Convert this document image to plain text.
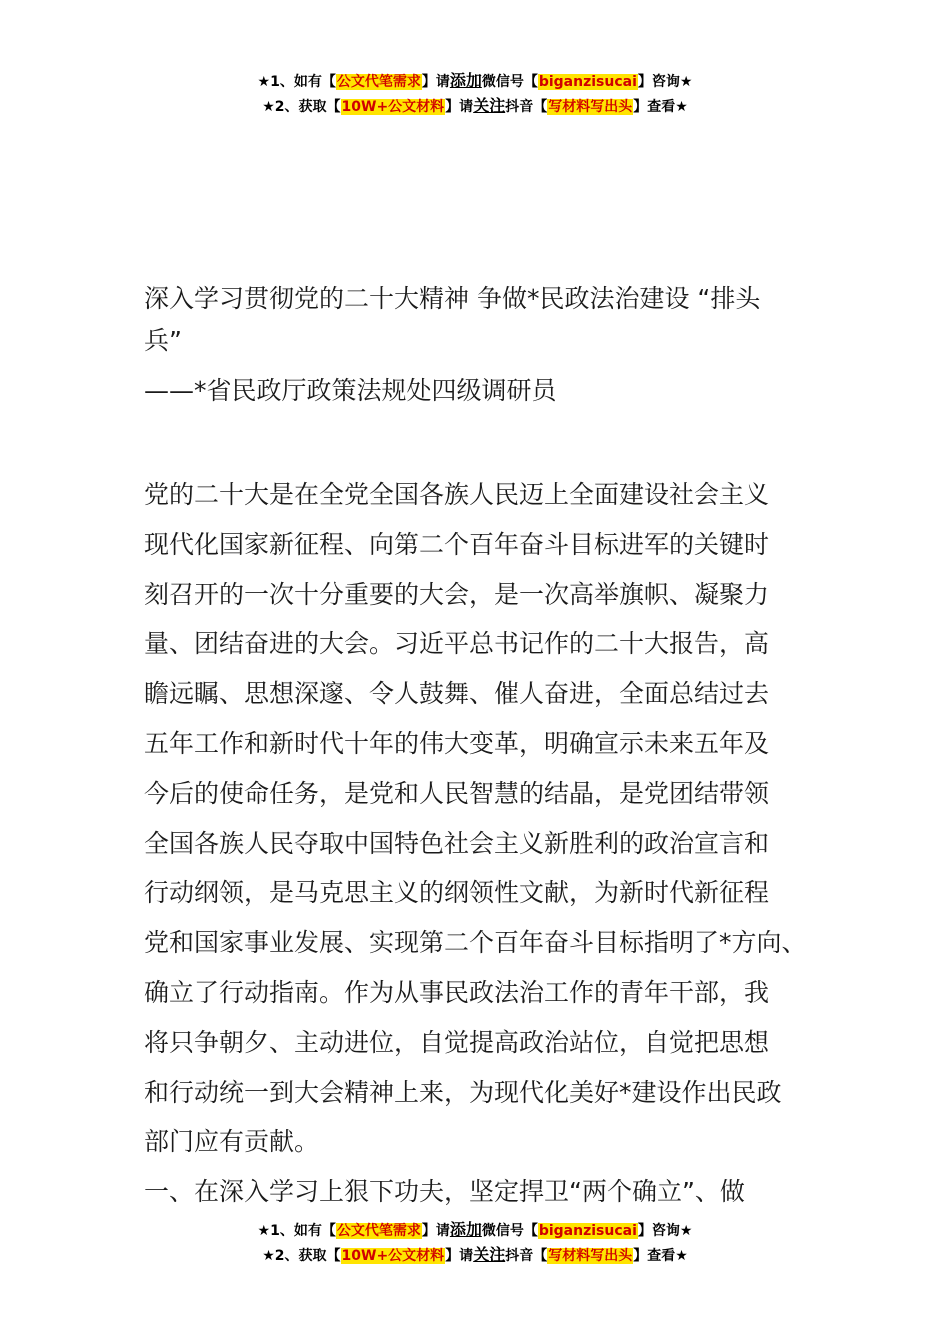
★1、如有【公文代笔需求】请添加微信号【biganzisucai】咨询★
★2、获取【10W+公文材料】请关注抖音【写材料写出头】查看★
深入学习贯彻党的二十大精神 争做*民政法治建设 “排头
兵”
——*省民政厅政策法规处四级调研员
党的二十大是在全党全国各族人民迈上全面建设社会主义
现代化国家新征程、向第二个百年奋斗目标进军的关键时
刻召开的一次十分重要的大会，是一次高举旗帜、凝聚力
量、团结奋进的大会。习近平总书记作的二十大报告，高
瞻远瞩、思想深邃、令人鼓舞、催人奋进，全面总结过去
五年工作和新时代十年的伟大变革，明确宣示未来五年及
今后的使命任务，是党和人民智慧的结晶，是党团结带领
全国各族人民夺取中国特色社会主义新胜利的政治宣言和
行动纲领，是马克思主义的纲领性文献，为新时代新征程
党和国家事业发展、实现第二个百年奋斗目标指明了*方向、
确立了行动指南。作为从事民政法治工作的青年干部，我
将只争朝夕、主动进位，自觉提高政治站位，自觉把思想
和行动统一到大会精神上来，为现代化美好*建设作出民政
部门应有贡献。
一、在深入学习上狠下功夫，坚定捍卫“两个确立”、做
★1、如有【公文代笔需求】请添加微信号【biganzisucai】咨询★
★2、获取【10W+公文材料】请关注抖音【写材料写出头】查看★
